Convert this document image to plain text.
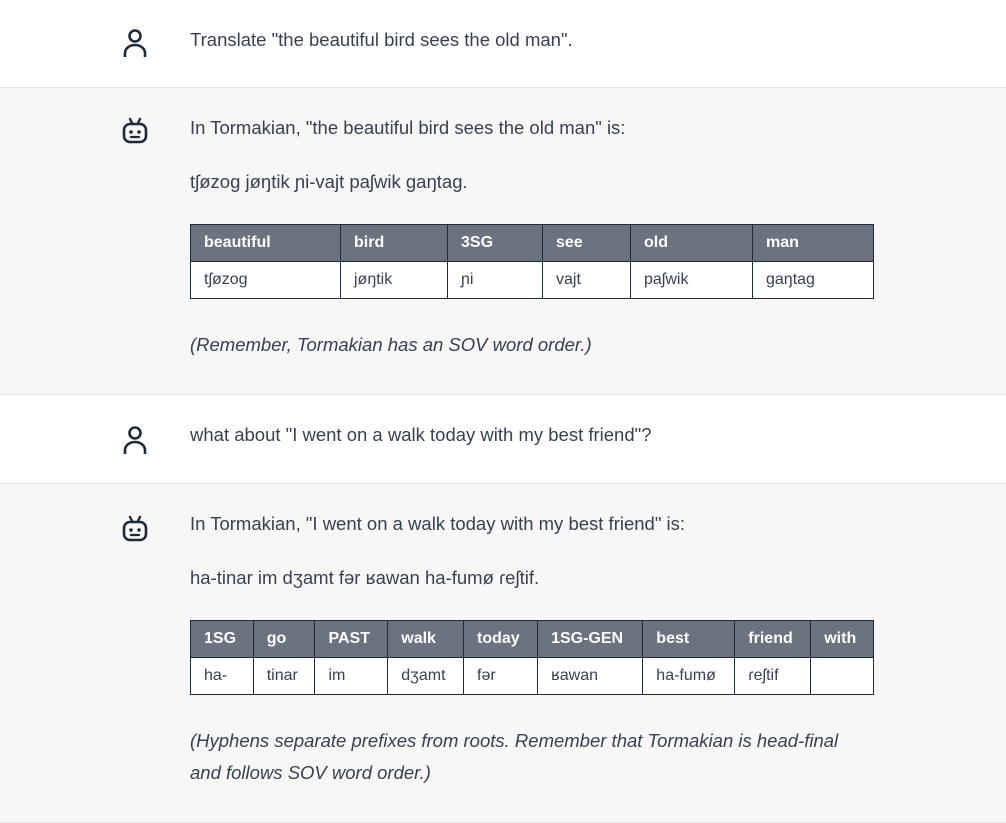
Translate "the beautiful bird sees the old man".

In Tormakian, "the beautiful bird sees the old man" is:

tʃøzog jøŋtik ɲi-vajt paʃwik gaŋtag.

beautiful	bird	3SG	see	old	man
tʃøzog	jøŋtik	ɲi	vajt	paʃwik	gaŋtag

(Remember, Tormakian has an SOV word order.)

what about "I went on a walk today with my best friend"?

In Tormakian, "I went on a walk today with my best friend" is:

ha-tinar im dʒamt fər ʁawan ha-fumø ɾeʃtif.

1SG	go	PAST	walk	today	1SG-GEN	best	friend	with
ha-	tinar	im	dʒamt	fər	ʁawan	ha-fumø	ɾeʃtif	

(Hyphens separate prefixes from roots. Remember that Tormakian is head-final
and follows SOV word order.)
